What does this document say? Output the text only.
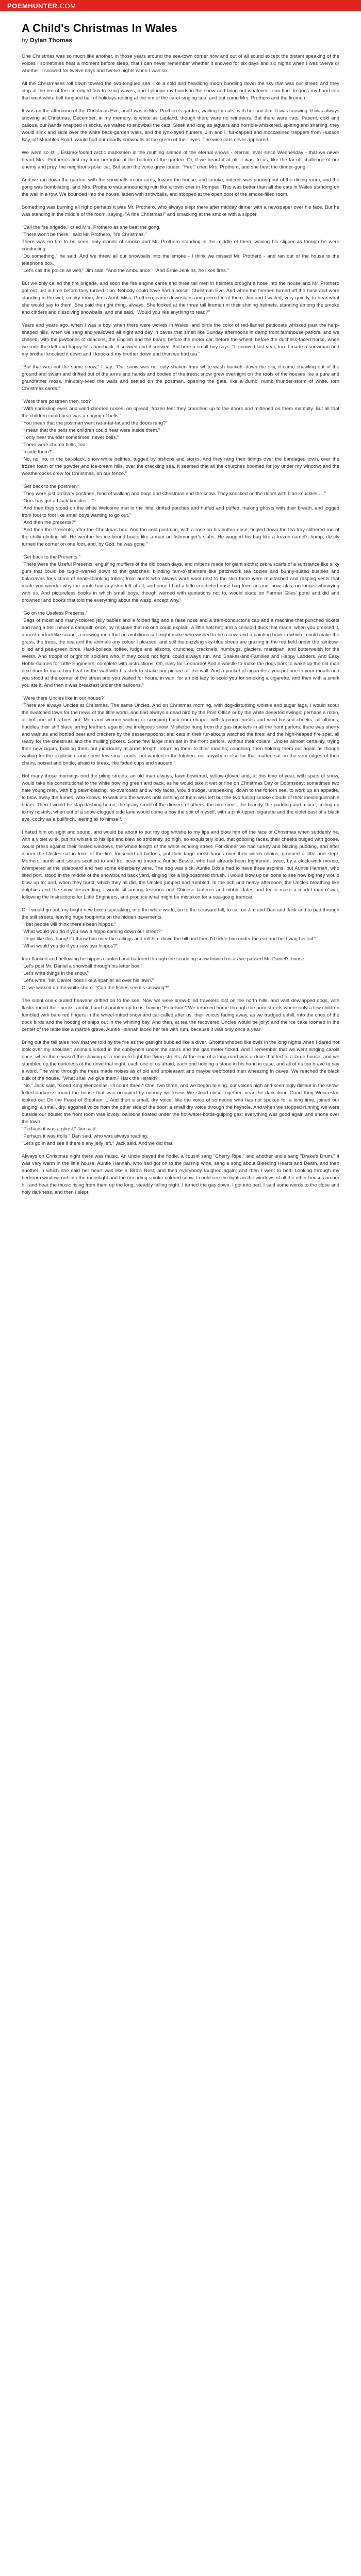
POEMHUNTER.COM
A Child's Christmas In Wales
by Dylan Thomas

One Christmas was so much like another, in those years around the sea-town corner now and out of all sound except the distant speaking of the voices I sometimes hear a moment before sleep, that I can never remember whether it snowed for six days and six nights when I was twelve or whether it snowed for twelve days and twelve nights when I was six.

All the Christmases roll down toward the two-tongued sea, like a cold and headlong moon bundling down the sky that was our street; and they stop at the rim of the ice-edged fish-freezing waves, and I plunge my hands in the snow and bring out whatever I can find. In goes my hand into that wool-white bell-tongued ball of holidays resting at the rim of the carol-singing sea, and out come Mrs. Prothero and the firemen.

It was on the afternoon of the Christmas Eve, and I was in Mrs. Prothero's garden, waiting for cats, with her son Jim. It was snowing. It was always snowing at Christmas. December, in my memory, is white as Lapland, though there were no reindeers. But there were cats. Patient, cold and callous, our hands wrapped in socks, we waited to snowball the cats. Sleek and long as jaguars and horrible-whiskered, spitting and snarling, they would slink and sidle over the white back-garden walls, and the lynx-eyed hunters, Jim and I, fur-capped and moccasined trappers from Hudson Bay, off Mumbles Road, would hurl our deadly snowballs at the green of their eyes. The wise cats never appeared.

We were so still, Eskimo-footed arctic marksmen in the muffling silence of the eternal snows - eternal, ever since Wednesday - that we never heard Mrs. Prothero's first cry from her igloo at the bottom of the garden. Or, if we heard it at all, it was, to us, like the far-off challenge of our enemy and prey, the neighbor's polar cat. But soon the voice grew louder. "Fire!" cried Mrs. Prothero, and she beat the dinner-gong.

And we ran down the garden, with the snowballs in our arms, toward the house; and smoke, indeed, was pouring out of the dining-room, and the gong was bombilating, and Mrs. Prothero was announcing ruin like a town crier in Pompeii. This was better than all the cats in Wales standing on the wall in a row. We bounded into the house, laden with snowballs, and stopped at the open door of the smoke-filled room.

Something was burning all right; perhaps it was Mr. Prothero, who always slept there after midday dinner with a newspaper over his face. But he was standing in the middle of the room, saying, "A fine Christmas!" and smacking at the smoke with a slipper.

"Call the fire brigade," cried Mrs. Prothero as she beat the gong.
"There won't be there," said Mr. Prothero, "it's Christmas."
There was no fire to be seen, only clouds of smoke and Mr. Prothero standing in the middle of them, waving his slipper as though he were conducting.
"Do something," he said. And we threw all our snowballs into the smoke - I think we missed Mr. Prothero - and ran out of the house to the telephone box.
"Let's call the police as well," Jim said. "And the ambulance." "And Ernie Jenkins, he likes fires."

But we only called the fire brigade, and soon the fire engine came and three tall men in helmets brought a hose into the house and Mr. Prothero got out just in time before they turned it on. Nobody could have had a noisier Christmas Eve. And when the firemen turned off the hose and were standing in the wet, smoky room, Jim's Aunt, Miss. Prothero, came downstairs and peered in at them. Jim and I waited, very quietly, to hear what she would say to them. She said the right thing, always. She looked at the three tall firemen in their shining helmets, standing among the smoke and cinders and dissolving snowballs, and she said, "Would you like anything to read?"

Years and years ago, when I was a boy, when there were wolves in Wales, and birds the color of red-flannel petticoats whisked past the harp-shaped hills, when we sang and wallowed all night and day in caves that smelt like Sunday afternoons in damp front farmhouse parlors, and we chased, with the jawbones of deacons, the English and the bears, before the motor car, before the wheel, before the duchess-faced horse, when we rode the daft and happy hills bareback, it snowed and it snowed. But here a small boy says: "It snowed last year, too. I made a snowman and my brother knocked it down and I knocked my brother down and then we had tea."

"But that was not the same snow," I say. "Our snow was not only shaken from white-wash buckets down the sky, it came shawling out of the ground and swam and drifted out of the arms and hands and bodies of the trees; snow grew overnight on the roofs of the houses like a pure and grandfather moss, minutely-ivied the walls and settled on the postman, opening the gate, like a dumb, numb thunder-storm of white, torn Christmas cards."

"Were there postmen then, too?"
"With sprinkling eyes and wind-cherried noses, on spread, frozen feet they crunched up to the doors and mittened on them manfully. But all that the children could hear was a ringing of bells."
"You mean that the postman went rat-a-tat-tat and the doors rang?"
"I mean that the bells the children could hear were inside them."
"I only hear thunder sometimes, never bells."
"There were church bells, too."
"Inside them?"
"No, no, no, in the bat-black, snow-white belfries, tugged by bishops and storks. And they rang their tidings over the bandaged town, over the frozen foam of the powder and ice-cream hills, over the crackling sea. It seemed that all the churches boomed for joy under my window; and the weathercocks crew for Christmas, on our fence."

"Get back to the postmen"
"They were just ordinary postmen, fond of walking and dogs and Christmas and the snow. They knocked on the doors with blue knuckles ...."
"Ours has got a black knocker...."
"And then they stood on the white Welcome mat in the little, drifted porches and huffed and puffed, making ghosts with their breath, and jogged from foot to foot like small boys wanting to go out."
"And then the presents?"
"And then the Presents, after the Christmas box. And the cold postman, with a rose on his button-nose, tingled down the tea-tray-slithered run of the chilly glinting hill. He went in his ice-bound boots like a man on fishmonger's slabs. He wagged his bag like a frozen camel's hump, dizzily turned the corner on one foot, and, by God, he was gone."

"Get back to the Presents."
"There were the Useful Presents: engulfing mufflers of the old coach days, and mittens made for giant sloths; zebra scarfs of a substance like silky gum that could be tug-o'-warred down to the galoshes; blinding tam-o'-shanters like patchwork tea cozies and bunny-suited busbies and balaclavas for victims of head-shrinking tribes; from aunts who always wore wool next to the skin there were mustached and rasping vests that made you wonder why the aunts had any skin left at all; and once I had a little crocheted nose bag from an aunt now, alas, no longer whinnying with us. And pictureless books in which small boys, though warned with quotations not to, would skate on Farmer Giles' pond and did and drowned; and books that told me everything about the wasp, except why."

"Go on the Useless Presents."
"Bags of moist and many-colored jelly babies and a folded flag and a false nose and a tram-conductor's cap and a machine that punched tickets and rang a bell; never a catapult; once, by mistake that no one could explain, a little hatchet; and a celluloid duck that made, when you pressed it, a most unducklike sound, a mewing moo that an ambitious cat might make who wished to be a cow; and a painting book in which I could make the grass, the trees, the sea and the animals any colour I pleased, and still the dazzling sky-blue sheep are grazing in the red field under the rainbow-billed and pea-green birds. Hard-boileds, toffee, fudge and allsorts, crunches, cracknels, humbugs, glaciers, marzipan, and butterwelsh for the Welsh. And troops of bright tin soldiers who, if they could not fight, could always run. And Snakes-and-Families and Happy Ladders. And Easy Hobbi-Games for Little Engineers, complete with instructions. Oh, easy for Leonardo! And a whistle to make the dogs bark to wake up the old man next door to make him beat on the wall with his stick to shake our picture off the wall. And a packet of cigarettes: you put one in your mouth and you stood at the corner of the street and you waited for hours, in vain, for an old lady to scold you for smoking a cigarette, and then with a smirk you ate it. And then it was breakfast under the balloons."

"Were there Uncles like in our house?"
"There are always Uncles at Christmas. The same Uncles. And on Christmas morning, with dog-disturbing whistle and sugar fags, I would scour the swatched town for the news of the little world, and find always a dead bird by the Post Office or by the white deserted swings; perhaps a robin, all but one of his fires out. Men and women wading or scooping back from chapel, with taproom noses and wind-bussed cheeks, all albinos, huddles their stiff black jarring feathers against the irreligious snow. Mistletoe hung from the gas brackets in all the front parlors; there was sherry and walnuts and bottled beer and crackers by the dessertspoons; and cats in their fur-abouts watched the fires; and the high-heaped fire spat, all ready for the chestnuts and the mulling pokers. Some few large men sat in the front parlors, without their collars, Uncles almost certainly, trying their new cigars, holding them out judiciously at arms' length, returning them to their mouths, coughing, then holding them out again as though waiting for the explosion; and some few small aunts, not wanted in the kitchen, nor anywhere else for that matter, sat on the very edges of their chairs, poised and brittle, afraid to break, like faded cups and saucers."

Not many those mornings trod the piling streets: an old man always, fawn-bowlered, yellow-gloved and, at this time of year, with spats of snow, would take his constitutional to the white bowling green and back, as he would take it wet or fine on Christmas Day or Doomsday; sometimes two hale young men, with big pawn-blazing, no-overcoats and windy faces, would trudge, unspeaking, down to the forlorn sea, to work up an appetite, to blow away the fumes, who knows, to walk into the waves until nothing of them was left but the two furling smoke clouds of their inextinguishable briars. Then I would be slap-dashing home, the gravy smell of the dinners of others, the bird smell, the brandy, the pudding and mince, coiling up to my nostrils, when out of a snow-clogged side lane would come a boy the spit of myself, with a pink-tipped cigarette and the violet past of a black eye, cocky as a bullfinch, leering all to himself.

I hated him on sight and sound, and would be about to put my dog whistle to my lips and blow him off the face of Christmas when suddenly he, with a violet wink, put his whistle to his lips and blew so stridently, so high, so exquisitely loud, that gobbling faces, their cheeks bulged with goose, would press against their tinsled windows, the whole length of the white echoing street. For dinner we had turkey and blazing pudding, and after dinner the Uncles sat in front of the fire, loosened all buttons, put their large moist hands over their watch chains, groaned a little and slept. Mothers, aunts and sisters scuttled to and fro, bearing tureens. Auntie Bessie, who had already been frightened, twice, by a clock-work mouse, whimpered at the sideboard and had some elderberry wine. The dog was sick. Auntie Dosie had to have three aspirins, but Auntie Hannah, who liked port, stood in the middle of the snowbound back yard, singing like a big-bosomed thrush. I would blow up balloons to see how big they would blow up to; and, when they burst, which they all did, the Uncles jumped and rumbled. In the rich and heavy afternoon, the Uncles breathing like dolphins and the snow descending, I would sit among festoons and Chinese lanterns and nibble dates and try to make a model man-o'-war, following the Instructions for Little Engineers, and produce what might be mistaken for a sea-going tramcar.

Or I would go out, my bright new boots squeaking, into the white world, on to the seaward hill, to call on Jim and Dan and Jack and to pad through the still streets, leaving huge footprints on the hidden pavements.
"I bet people will think there's been hippos."
"What would you do if you saw a hippo coming down our street?"
"I'd go like this, bang! I'd throw him over the railings and roll him down the hill and then I'd tickle him under the ear and he'd wag his tail."
"What would you do if you saw two hippos?"

Iron-flanked and bellowing he-hippos clanked and battered through the scudding snow toward us as we passed Mr. Daniel's house.
"Let's post Mr. Daniel a snowball through his letter box."
"Let's write things in the snow."
"Let's write, 'Mr. Daniel looks like a spaniel' all over his lawn."
Or we walked on the white shore. "Can the fishes see it's snowing?"

The silent one-clouded heavens drifted on to the sea. Now we were snow-blind travelers lost on the north hills, and vast dewlapped dogs, with flasks round their necks, ambled and shambled up to us, baying "Excelsior." We returned home through the poor streets where only a few children fumbled with bare red fingers in the wheel-rutted snow and cat-called after us, their voices fading away, as we trudged uphill, into the cries of the dock birds and the hooting of ships out in the whirling bay. And then, at tea the recovered Uncles would be jolly; and the ice cake loomed in the center of the table like a marble grave. Auntie Hannah laced her tea with rum, because it was only once a year.

Bring out the tall tales now that we told by the fire as the gaslight bubbled like a diver. Ghosts whooed like owls in the long nights when I dared not look over my shoulder; animals lurked in the cubbyhole under the stairs and the gas meter ticked. And I remember that we went singing carols once, when there wasn't the shaving of a moon to light the flying streets. At the end of a long road was a drive that led to a large house, and we stumbled up the darkness of the drive that night, each one of us afraid, each one holding a stone in his hand in case, and all of us too brave to say a word. The wind through the trees made noises as of old and unpleasant and maybe webfooted men wheezing in caves. We reached the black bulk of the house. "What shall we give them? Hark the Herald?"
"No," Jack said, "Good King Wenceslas. I'll count three." One, two three, and we began to sing, our voices high and seemingly distant in the snow-felted darkness round the house that was occupied by nobody we knew. We stood close together, near the dark door. Good King Wenceslas looked out On the Feast of Stephen ... And then a small, dry voice, like the voice of someone who has not spoken for a long time, joined our singing: a small, dry, eggshell voice from the other side of the door: a small dry voice through the keyhole. And when we stopped running we were outside our house; the front room was lovely; balloons floated under the hot-water-bottle-gulping gas; everything was good again and shone over the town.
"Perhaps it was a ghost," Jim said.
"Perhaps it was trolls," Dan said, who was always reading.
"Let's go in and see if there's any jelly left," Jack said. And we did that.

Always on Christmas night there was music. An uncle played the fiddle, a cousin sang "Cherry Ripe," and another uncle sang "Drake's Drum." It was very warm in the little house. Auntie Hannah, who had got on to the parsnip wine, sang a song about Bleeding Hearts and Death, and then another in which she said her heart was like a Bird's Nest; and then everybody laughed again; and then I went to bed. Looking through my bedroom window, out into the moonlight and the unending smoke-colored snow, I could see the lights in the windows of all the other houses on our hill and hear the music rising from them up the long, steadily falling night. I turned the gas down, I got into bed. I said some words to the close and holy darkness, and then I slept.
